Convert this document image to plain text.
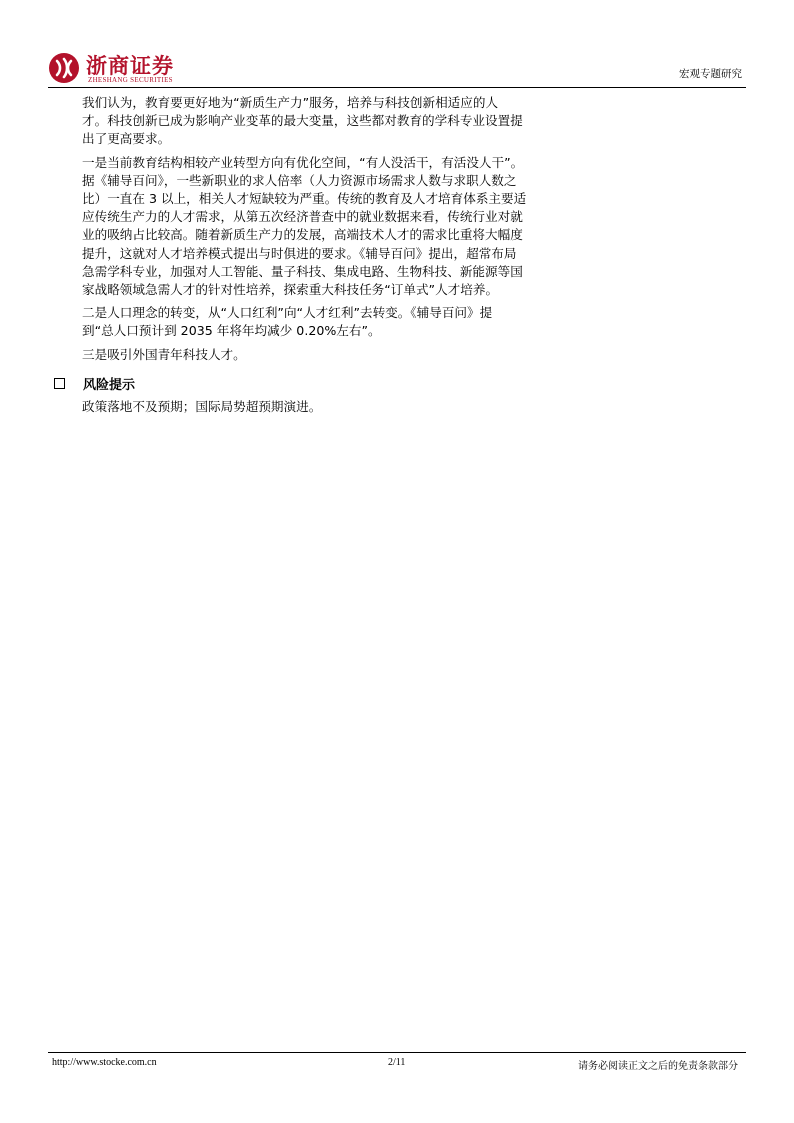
浙商证券
ZHESHANG SECURITIES	宏观专题研究

我们认为，教育要更好地为“新质生产力”服务，培养与科技创新相适应的人
才。科技创新已成为影响产业变革的最大变量，这些都对教育的学科专业设置提
出了更高要求。

一是当前教育结构相较产业转型方向有优化空间，“有人没活干，有活没人干”。
据《辅导百问》，一些新职业的求人倍率（人力资源市场需求人数与求职人数之
比）一直在 3 以上，相关人才短缺较为严重。传统的教育及人才培育体系主要适
应传统生产力的人才需求，从第五次经济普查中的就业数据来看，传统行业对就
业的吸纳占比较高。随着新质生产力的发展，高端技术人才的需求比重将大幅度
提升，这就对人才培养模式提出与时俱进的要求。《辅导百问》提出，超常布局
急需学科专业，加强对人工智能、量子科技、集成电路、生物科技、新能源等国
家战略领域急需人才的针对性培养，探索重大科技任务“订单式”人才培养。

二是人口理念的转变，从“人口红利”向“人才红利”去转变。《辅导百问》提
到“总人口预计到 2035 年将年均减少 0.20%左右”。

三是吸引外国青年科技人才。

风险提示
政策落地不及预期；国际局势超预期演进。
http://www.stocke.com.cn	2/11	请务必阅读正文之后的免责条款部分
